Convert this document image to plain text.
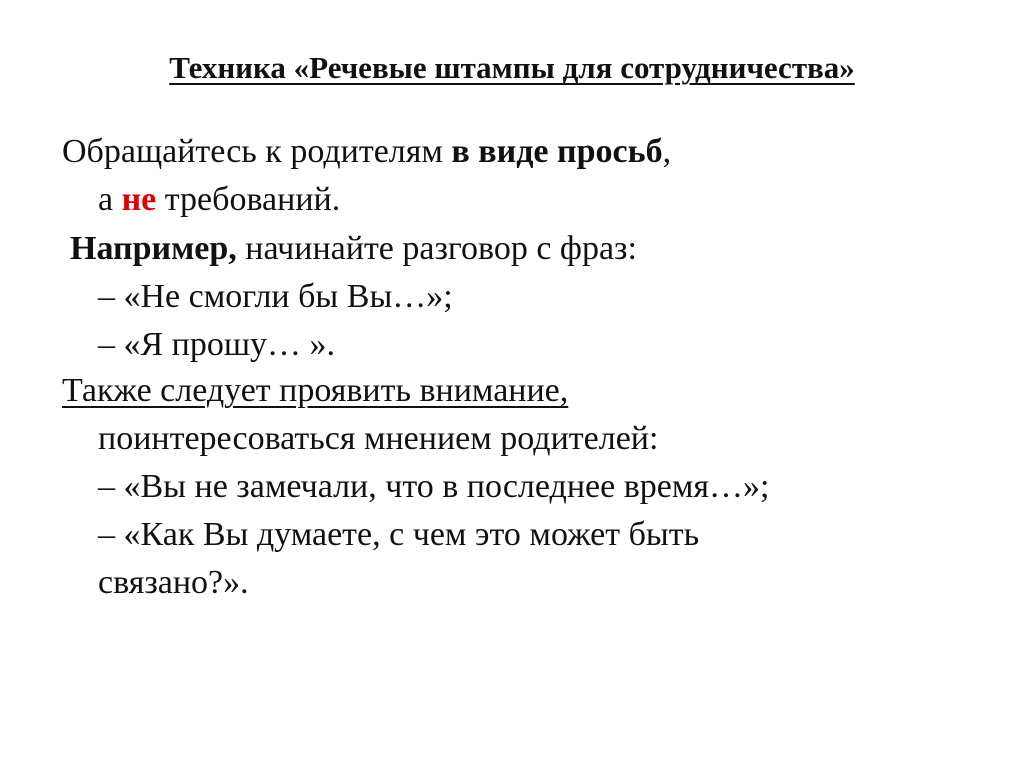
Техника «Речевые штампы для сотрудничества»
Обращайтесь к родителям в виде просьб,
а не требований.
Например, начинайте разговор с фраз:
– «Не смогли бы Вы…»;
– «Я прошу… ».
Также следует проявить внимание,
поинтересоваться мнением родителей:
– «Вы не замечали, что в последнее время…»;
– «Как Вы думаете, с чем это может быть
связано?».
